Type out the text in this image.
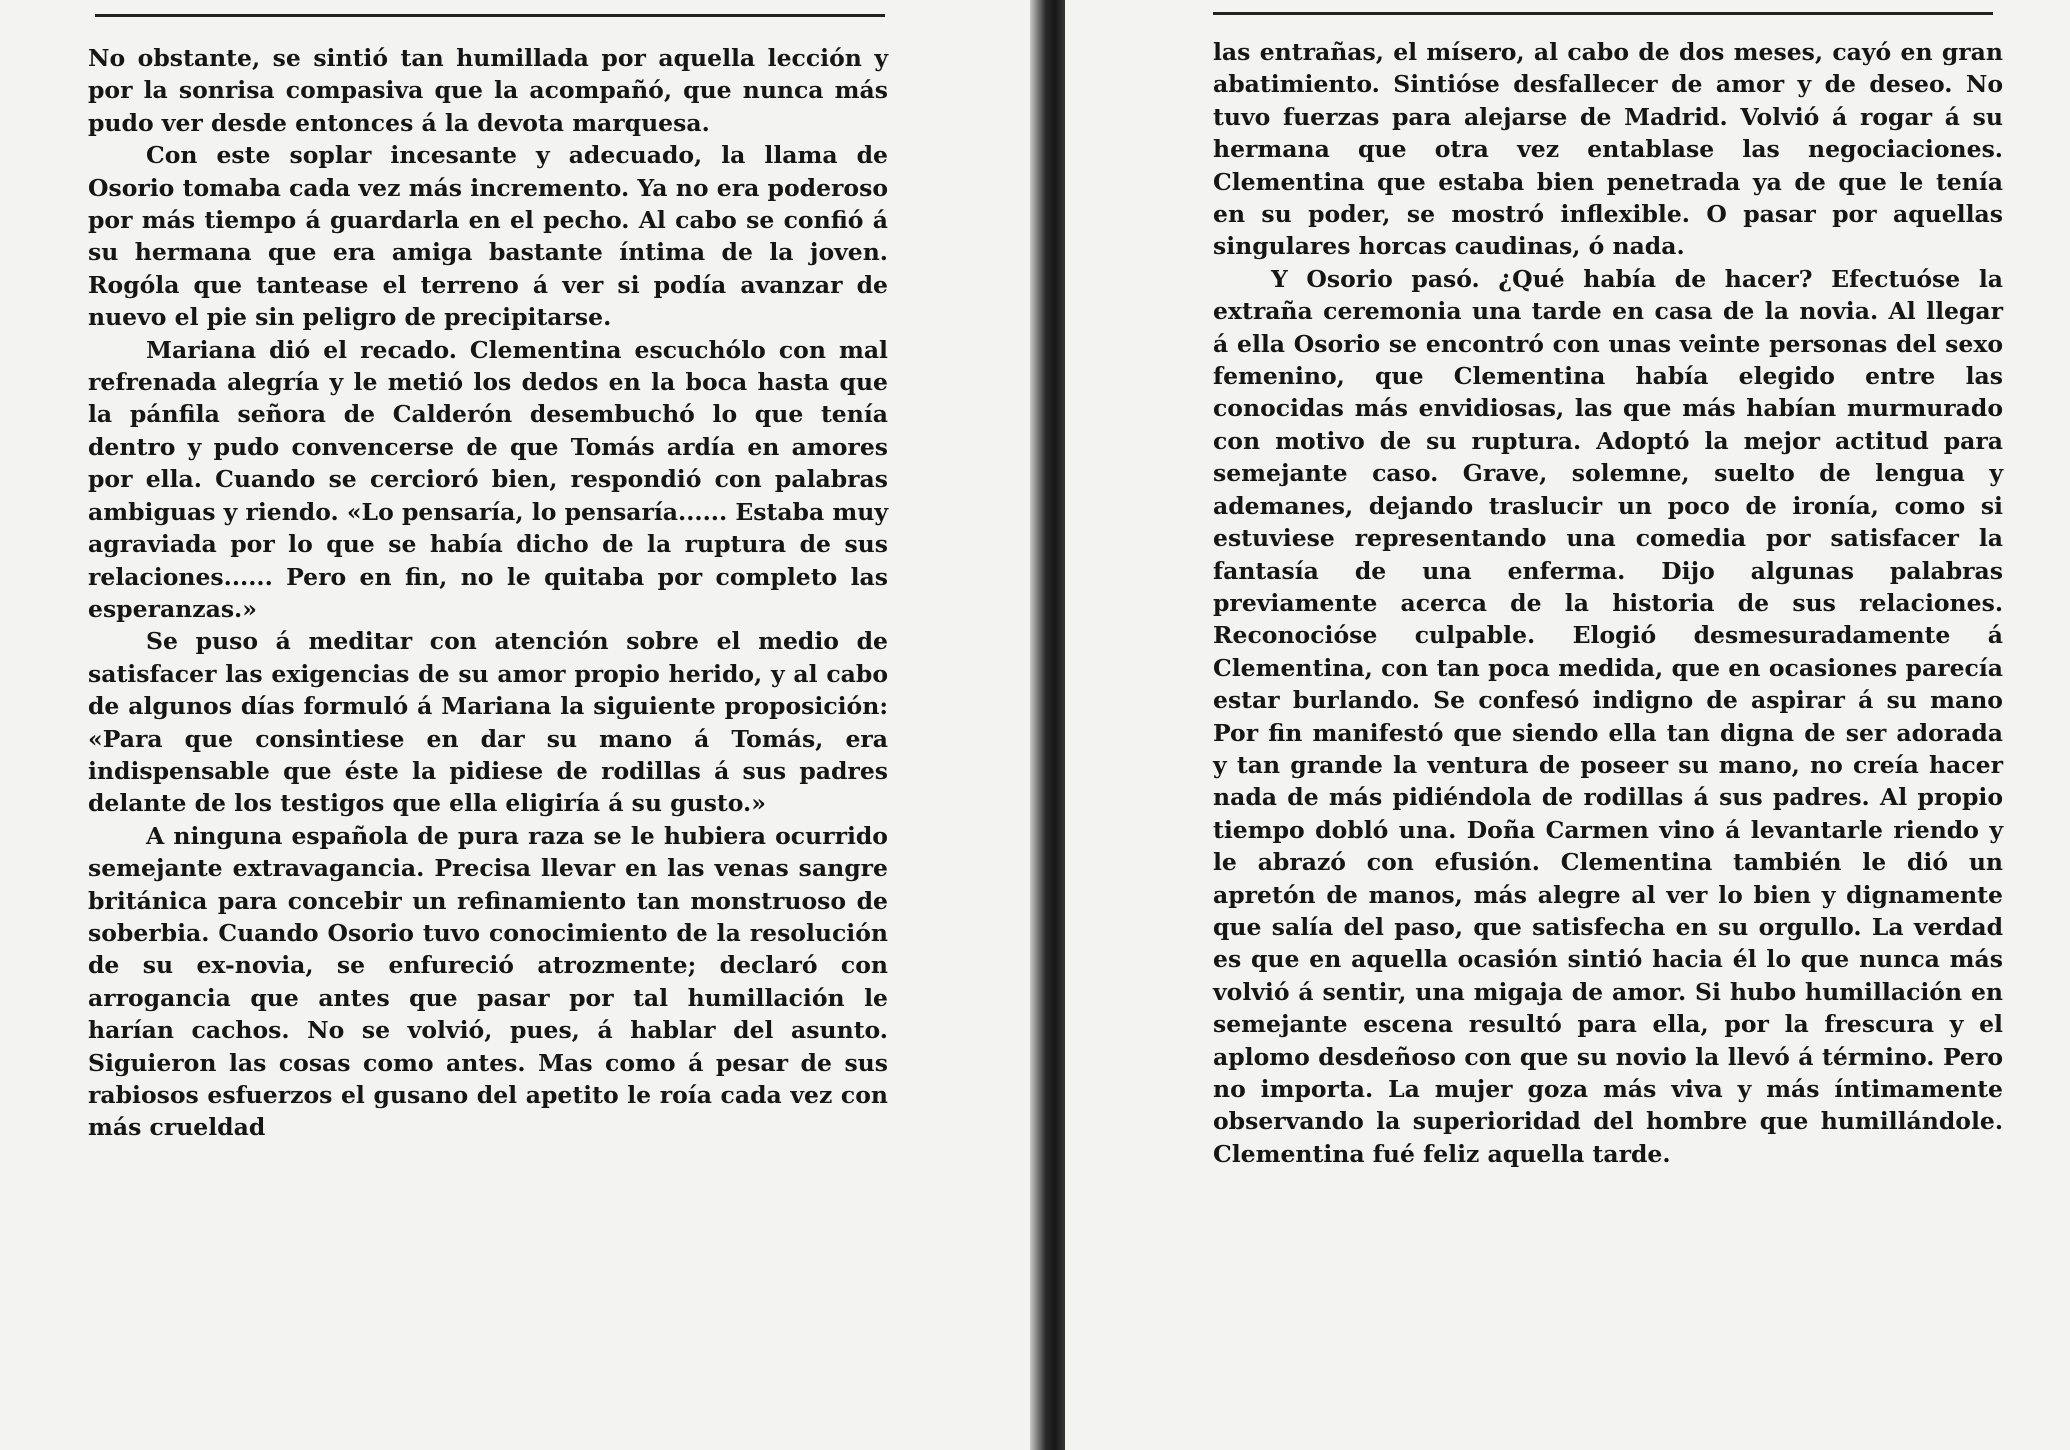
No obstante, se sintió tan humillada por aquella lección y por la sonrisa compasiva que la acompañó, que nunca más pudo ver desde entonces á la devota marquesa.

Con este soplar incesante y adecuado, la llama de Osorio tomaba cada vez más incremento. Ya no era poderoso por más tiempo á guardarla en el pecho. Al cabo se confió á su hermana que era amiga bastante íntima de la joven. Rogóla que tantease el terreno á ver si podía avanzar de nuevo el pie sin peligro de precipitarse.

Mariana dió el recado. Clementina escuchólo con mal refrenada alegría y le metió los dedos en la boca hasta que la pánfila señora de Calderón desembuchó lo que tenía dentro y pudo convencerse de que Tomás ardía en amores por ella. Cuando se cercioró bien, respondió con palabras ambiguas y riendo. «Lo pensaría, lo pensaría...... Estaba muy agraviada por lo que se había dicho de la ruptura de sus relaciones...... Pero en fin, no le quitaba por completo las esperanzas.»

Se puso á meditar con atención sobre el medio de satisfacer las exigencias de su amor propio herido, y al cabo de algunos días formuló á Mariana la siguiente proposición: «Para que consintiese en dar su mano á Tomás, era indispensable que éste la pidiese de rodillas á sus padres delante de los testigos que ella eligiría á su gusto.»

A ninguna española de pura raza se le hubiera ocurrido semejante extravagancia. Precisa llevar en las venas sangre británica para concebir un refinamiento tan monstruoso de soberbia. Cuando Osorio tuvo conocimiento de la resolución de su ex-novia, se enfureció atrozmente; declaró con arrogancia que antes que pasar por tal humillación le harían cachos. No se volvió, pues, á hablar del asunto. Siguieron las cosas como antes. Mas como á pesar de sus rabiosos esfuerzos el gusano del apetito le roía cada vez con más crueldad

las entrañas, el mísero, al cabo de dos meses, cayó en gran abatimiento. Sintióse desfallecer de amor y de deseo. No tuvo fuerzas para alejarse de Madrid. Volvió á rogar á su hermana que otra vez entablase las negociaciones. Clementina que estaba bien penetrada ya de que le tenía en su poder, se mostró inflexible. O pasar por aquellas singulares horcas caudinas, ó nada.

Y Osorio pasó. ¿Qué había de hacer? Efectuóse la extraña ceremonia una tarde en casa de la novia. Al llegar á ella Osorio se encontró con unas veinte personas del sexo femenino, que Clementina había elegido entre las conocidas más envidiosas, las que más habían murmurado con motivo de su ruptura. Adoptó la mejor actitud para semejante caso. Grave, solemne, suelto de lengua y ademanes, dejando traslucir un poco de ironía, como si estuviese representando una comedia por satisfacer la fantasía de una enferma. Dijo algunas palabras previamente acerca de la historia de sus relaciones. Reconocióse culpable. Elogió desmesuradamente á Clementina, con tan poca medida, que en ocasiones parecía estar burlando. Se confesó indigno de aspirar á su mano Por fin manifestó que siendo ella tan digna de ser adorada y tan grande la ventura de poseer su mano, no creía hacer nada de más pidiéndola de rodillas á sus padres. Al propio tiempo dobló una. Doña Carmen vino á levantarle riendo y le abrazó con efusión. Clementina también le dió un apretón de manos, más alegre al ver lo bien y dignamente que salía del paso, que satisfecha en su orgullo. La verdad es que en aquella ocasión sintió hacia él lo que nunca más volvió á sentir, una migaja de amor. Si hubo humillación en semejante escena resultó para ella, por la frescura y el aplomo desdeñoso con que su novio la llevó á término. Pero no importa. La mujer goza más viva y más íntimamente observando la superioridad del hombre que humillándole. Clementina fué feliz aquella tarde.
